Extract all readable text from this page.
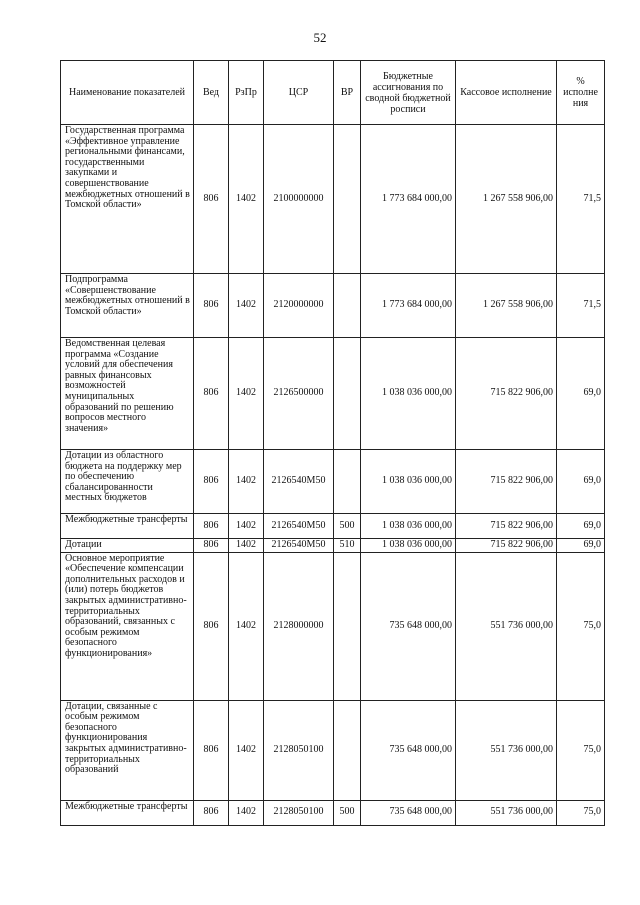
52
Наименование показателей	Вед	РзПр	ЦСР	ВР	Бюджетные ассигнования по сводной бюджетной росписи	Кассовое исполнение	% исполне ния
Государственная программа «Эффективное управление региональными финансами, государственными закупками и совершенствование межбюджетных отношений в Томской области»	806	1402	2100000000		1 773 684 000,00	1 267 558 906,00	71,5
Подпрограмма «Совершенствование межбюджетных отношений в Томской области»	806	1402	2120000000		1 773 684 000,00	1 267 558 906,00	71,5
Ведомственная целевая программа «Создание условий для обеспечения равных финансовых возможностей муниципальных образований по решению вопросов местного значения»	806	1402	2126500000		1 038 036 000,00	715 822 906,00	69,0
Дотации из областного бюджета на поддержку мер по обеспечению сбалансированности местных бюджетов	806	1402	2126540M50		1 038 036 000,00	715 822 906,00	69,0
Межбюджетные трансферты	806	1402	2126540M50	500	1 038 036 000,00	715 822 906,00	69,0
Дотации	806	1402	2126540M50	510	1 038 036 000,00	715 822 906,00	69,0
Основное мероприятие «Обеспечение компенсации дополнительных расходов и (или) потерь бюджетов закрытых административно-территориальных образований, связанных с особым режимом безопасного функционирования»	806	1402	2128000000		735 648 000,00	551 736 000,00	75,0
Дотации, связанные с особым режимом безопасного функционирования закрытых административно-территориальных образований	806	1402	2128050100		735 648 000,00	551 736 000,00	75,0
Межбюджетные трансферты	806	1402	2128050100	500	735 648 000,00	551 736 000,00	75,0
